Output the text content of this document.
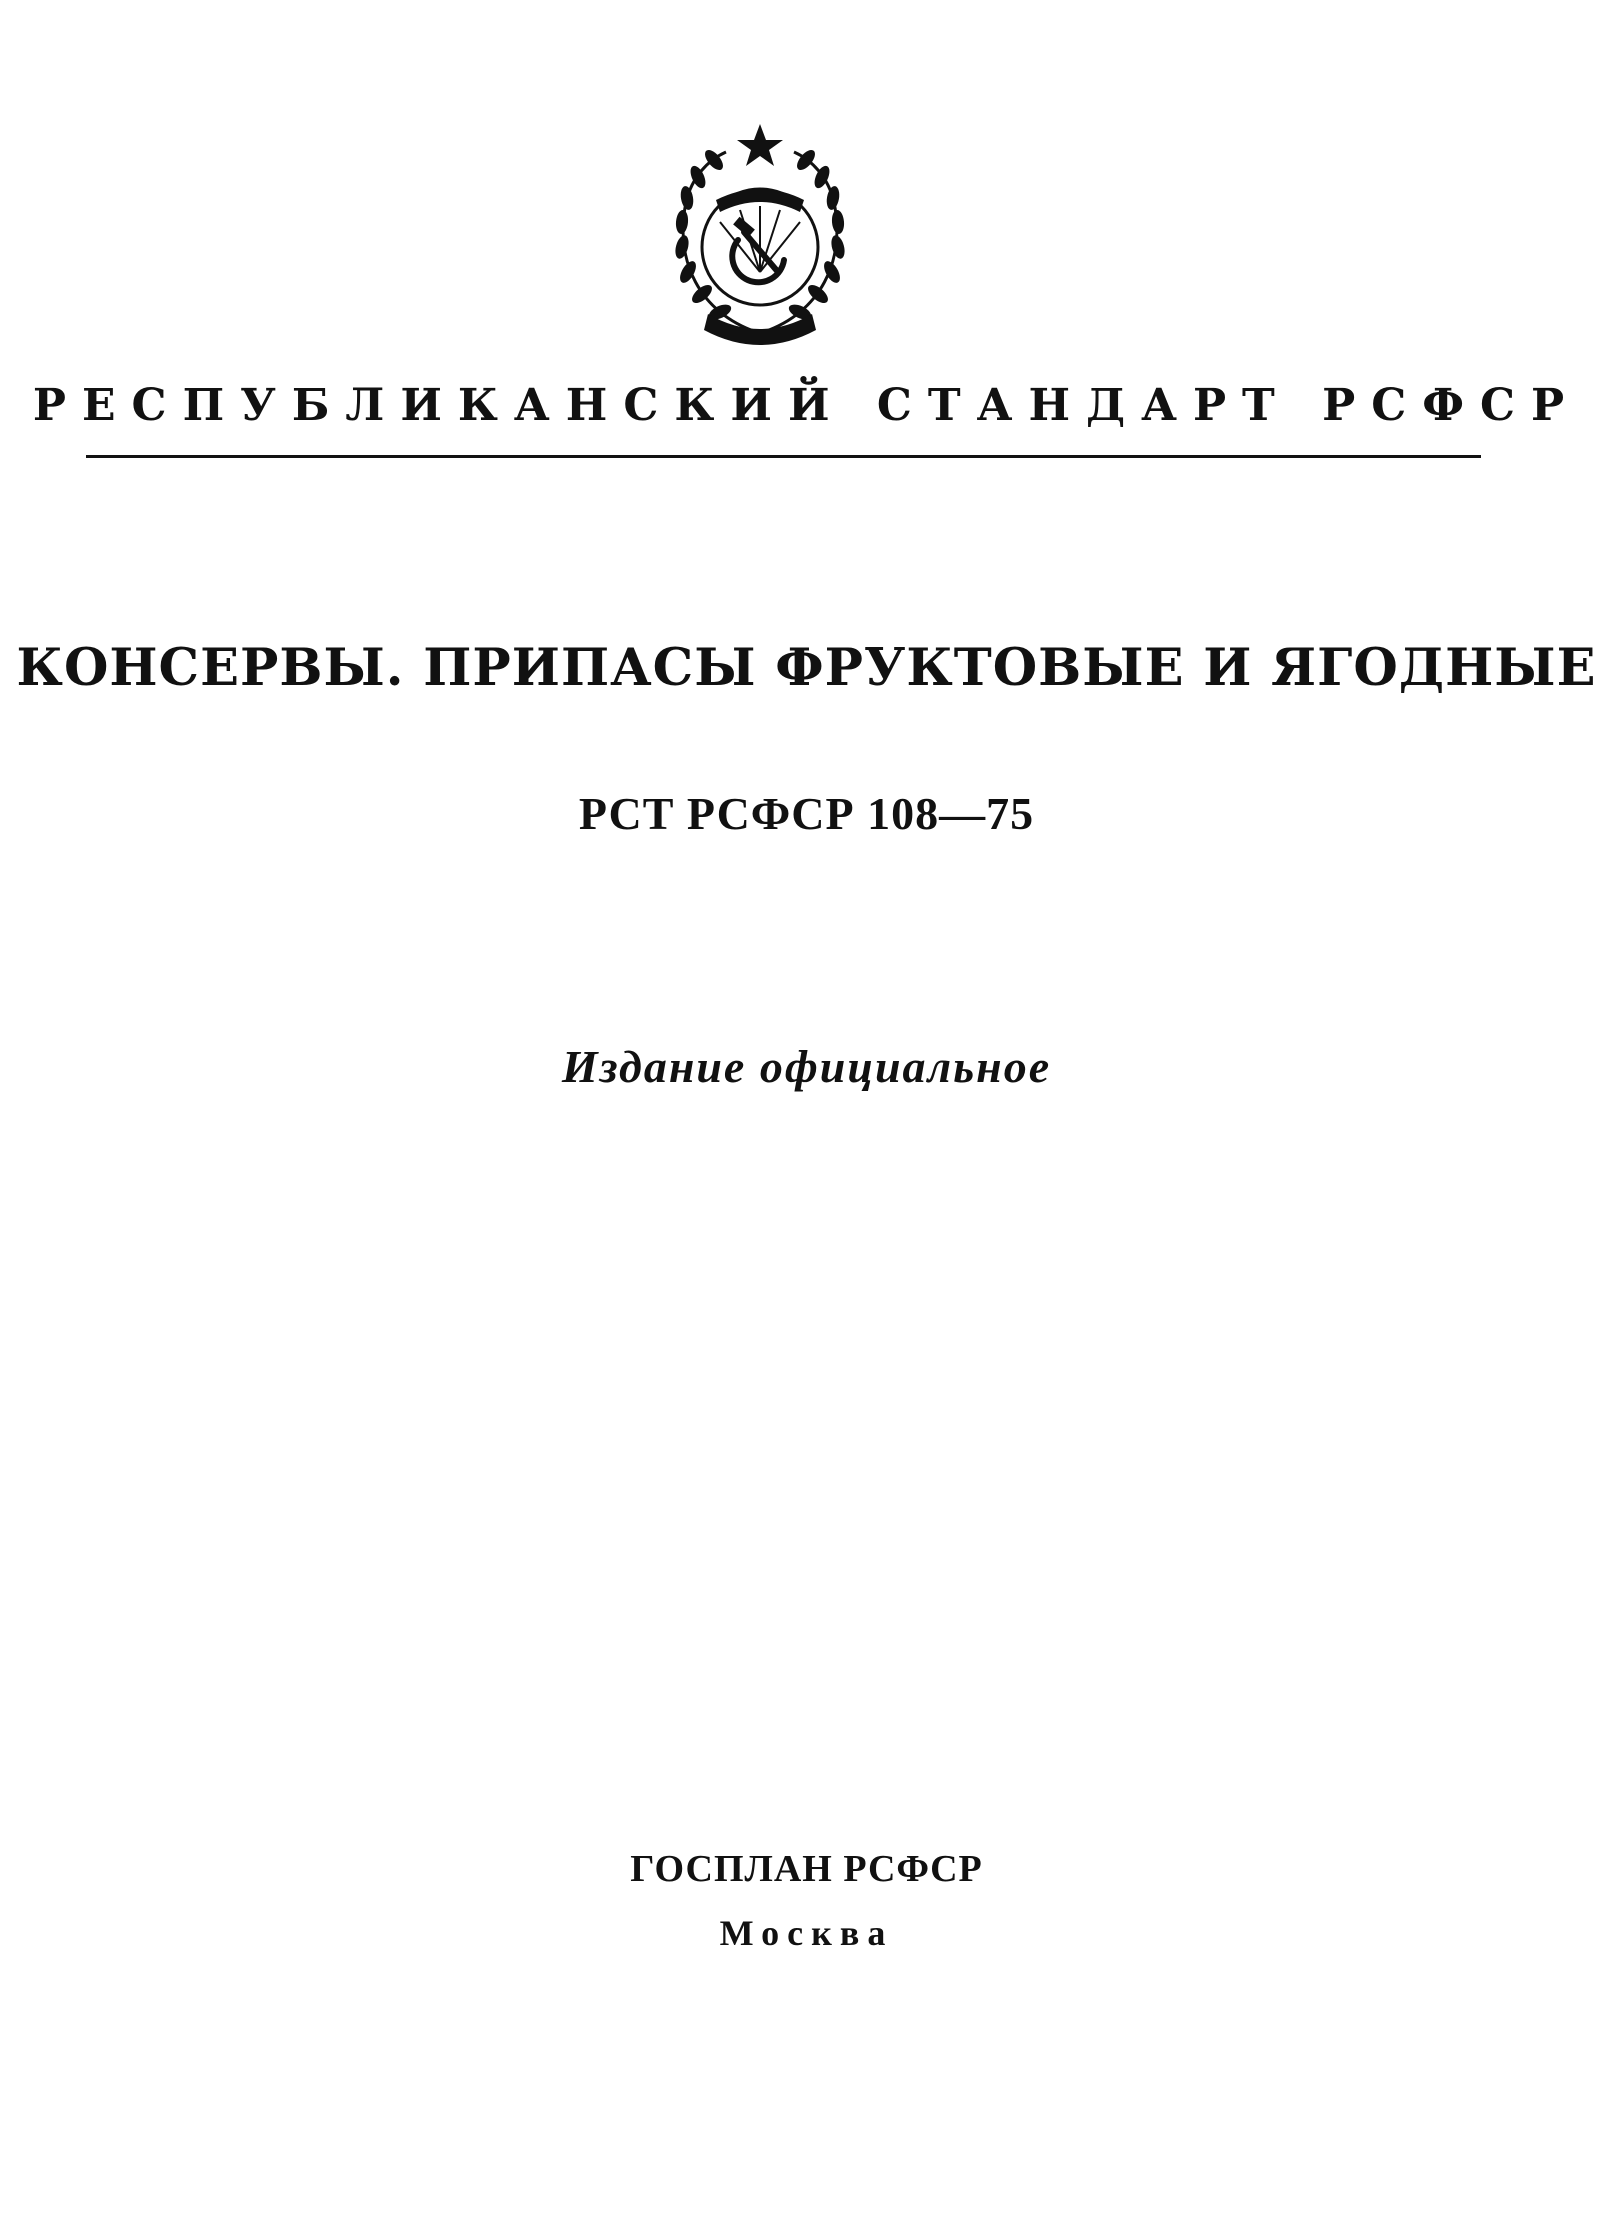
РЕСПУБЛИКАНСКИЙ СТАНДАРТ РСФСР
КОНСЕРВЫ. ПРИПАСЫ ФРУКТОВЫЕ И ЯГОДНЫЕ
РСТ РСФСР 108—75
Издание официальное
ГОСПЛАН РСФСР
Москва
